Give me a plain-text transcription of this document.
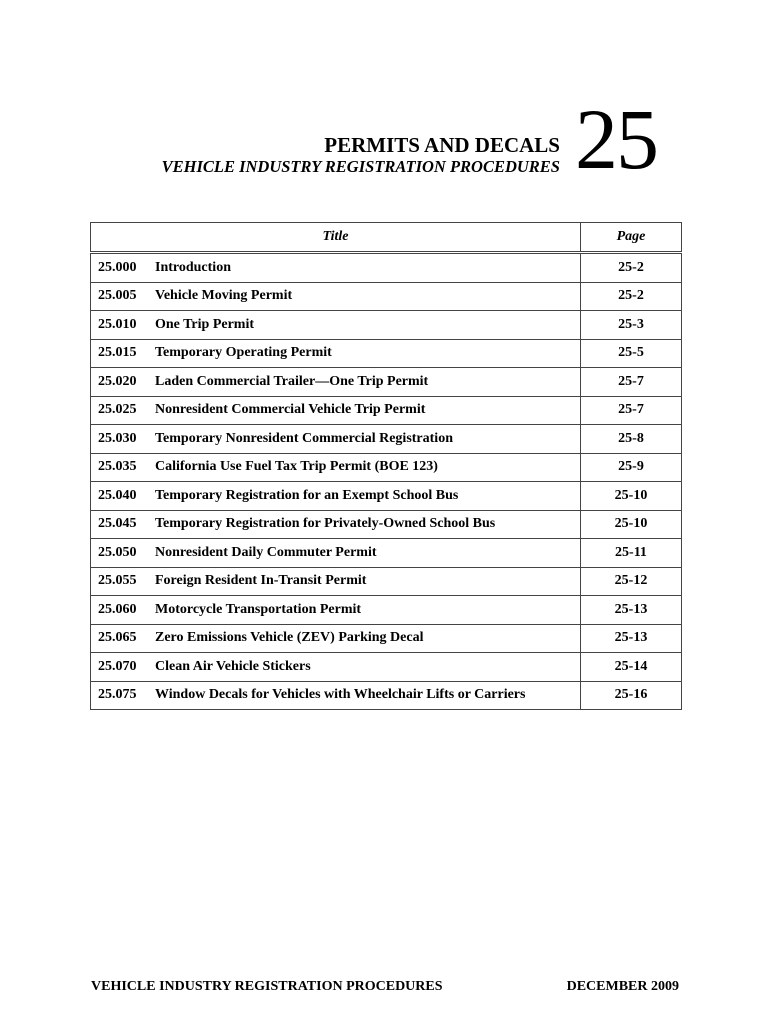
PERMITS AND DECALS
VEHICLE INDUSTRY REGISTRATION PROCEDURES 25
Title	Page
25.000 Introduction	25-2
25.005 Vehicle Moving Permit	25-2
25.010 One Trip Permit	25-3
25.015 Temporary Operating Permit	25-5
25.020 Laden Commercial Trailer—One Trip Permit	25-7
25.025 Nonresident Commercial Vehicle Trip Permit	25-7
25.030 Temporary Nonresident Commercial Registration	25-8
25.035 California Use Fuel Tax Trip Permit (BOE 123)	25-9
25.040 Temporary Registration for an Exempt School Bus	25-10
25.045 Temporary Registration for Privately-Owned School Bus	25-10
25.050 Nonresident Daily Commuter Permit	25-11
25.055 Foreign Resident In-Transit Permit	25-12
25.060 Motorcycle Transportation Permit	25-13
25.065 Zero Emissions Vehicle (ZEV) Parking Decal	25-13
25.070 Clean Air Vehicle Stickers	25-14
25.075 Window Decals for Vehicles with Wheelchair Lifts or Carriers	25-16
VEHICLE INDUSTRY REGISTRATION PROCEDURES	DECEMBER 2009
